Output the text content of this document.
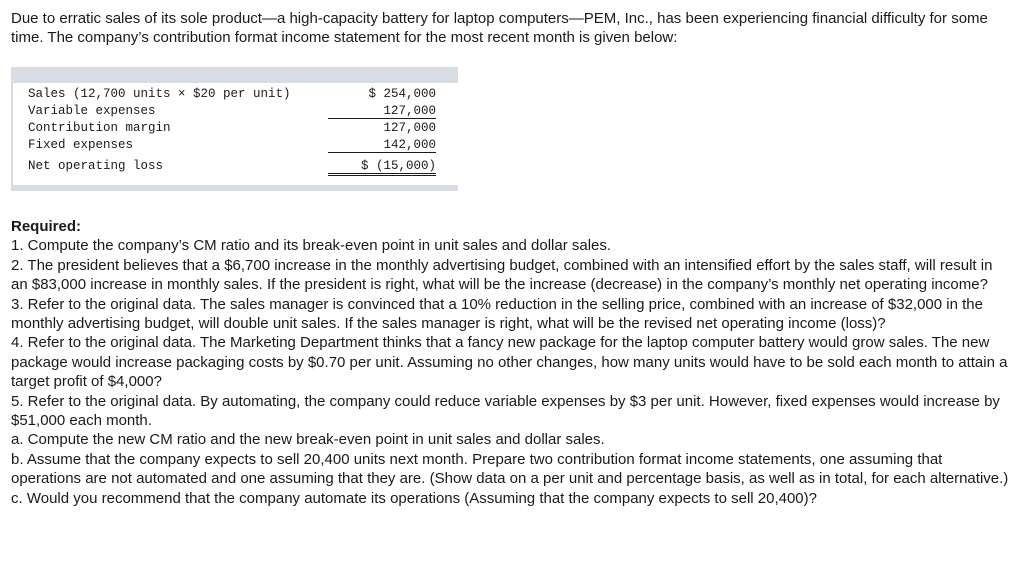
Due to erratic sales of its sole product—a high-capacity battery for laptop computers—PEM, Inc., has been experiencing financial difficulty for some time. The company’s contribution format income statement for the most recent month is given below:

Sales (12,700 units × $20 per unit)	$ 254,000
Variable expenses	127,000
Contribution margin	127,000
Fixed expenses	142,000
Net operating loss	$ (15,000)
Required:

1. Compute the company’s CM ratio and its break-even point in unit sales and dollar sales.

2. The president believes that a $6,700 increase in the monthly advertising budget, combined with an intensified effort by the sales staff, will result in an $83,000 increase in monthly sales. If the president is right, what will be the increase (decrease) in the company’s monthly net operating income?

3. Refer to the original data. The sales manager is convinced that a 10% reduction in the selling price, combined with an increase of $32,000 in the monthly advertising budget, will double unit sales. If the sales manager is right, what will be the revised net operating income (loss)?

4. Refer to the original data. The Marketing Department thinks that a fancy new package for the laptop computer battery would grow sales. The new package would increase packaging costs by $0.70 per unit. Assuming no other changes, how many units would have to be sold each month to attain a target profit of $4,000?

5. Refer to the original data. By automating, the company could reduce variable expenses by $3 per unit. However, fixed expenses would increase by $51,000 each month.

a. Compute the new CM ratio and the new break-even point in unit sales and dollar sales.

b. Assume that the company expects to sell 20,400 units next month. Prepare two contribution format income statements, one assuming that operations are not automated and one assuming that they are. (Show data on a per unit and percentage basis, as well as in total, for each alternative.)

c. Would you recommend that the company automate its operations (Assuming that the company expects to sell 20,400)?
